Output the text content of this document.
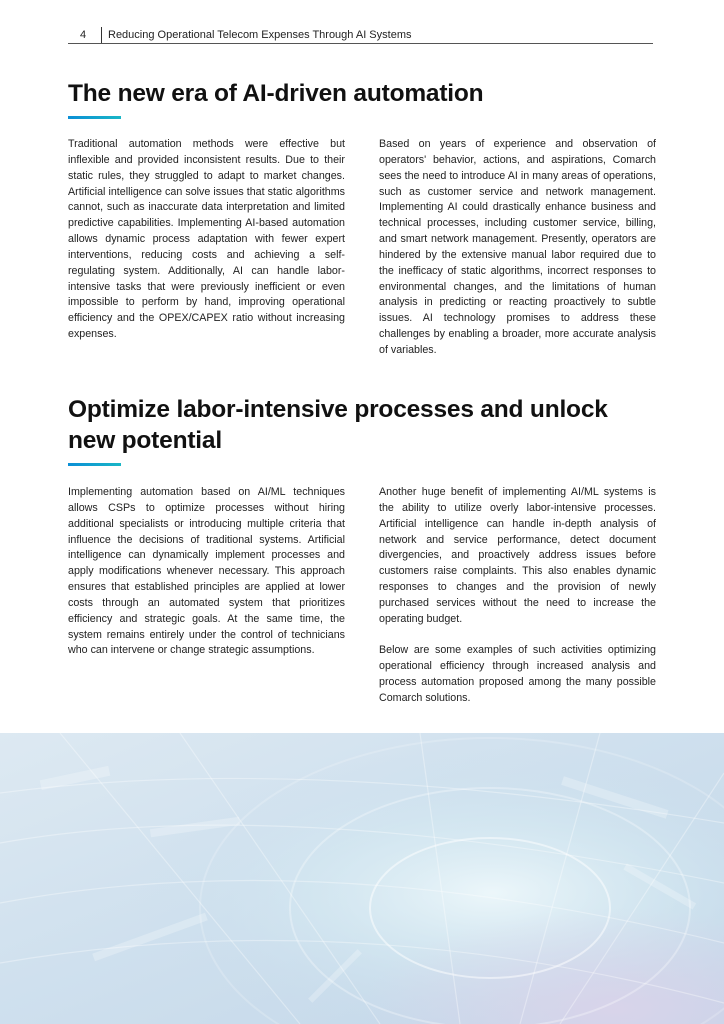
4 Reducing Operational Telecom Expenses Through AI Systems
The new era of AI-driven automation

Traditional automation methods were effective but inflexible and provided inconsistent results. Due to their static rules, they struggled to adapt to market changes. Artificial intelligence can solve issues that static algorithms cannot, such as inaccurate data interpretation and limited predictive capabilities. Implementing AI-based automation allows dynamic process adaptation with fewer expert interventions, reducing costs and achieving a self-regulating system. Additionally, AI can handle labor-intensive tasks that were previously inefficient or even impossible to perform by hand, improving operational efficiency and the OPEX/CAPEX ratio without increasing expenses.

Based on years of experience and observation of operators' behavior, actions, and aspirations, Comarch sees the need to introduce AI in many areas of operations, such as customer service and network management. Implementing AI could drastically enhance business and technical processes, including customer service, billing, and smart network management. Presently, operators are hindered by the extensive manual labor required due to the inefficacy of static algorithms, incorrect responses to environmental changes, and the limitations of human analysis in predicting or reacting proactively to subtle issues. AI technology promises to address these challenges by enabling a broader, more accurate analysis of variables.

Optimize labor-intensive processes and unlock new potential

Implementing automation based on AI/ML techniques allows CSPs to optimize processes without hiring additional specialists or introducing multiple criteria that influence the decisions of traditional systems. Artificial intelligence can dynamically implement processes and apply modifications whenever necessary. This approach ensures that established principles are applied at lower costs through an automated system that prioritizes efficiency and strategic goals. At the same time, the system remains entirely under the control of technicians who can intervene or change strategic assumptions.

Another huge benefit of implementing AI/ML systems is the ability to utilize overly labor-intensive processes. Artificial intelligence can handle in-depth analysis of network and service performance, detect document divergencies, and proactively address issues before customers raise complaints. This also enables dynamic responses to changes and the provision of newly purchased services without the need to increase the operating budget.

Below are some examples of such activities optimizing operational efficiency through increased analysis and process automation proposed among the many possible Comarch solutions.
